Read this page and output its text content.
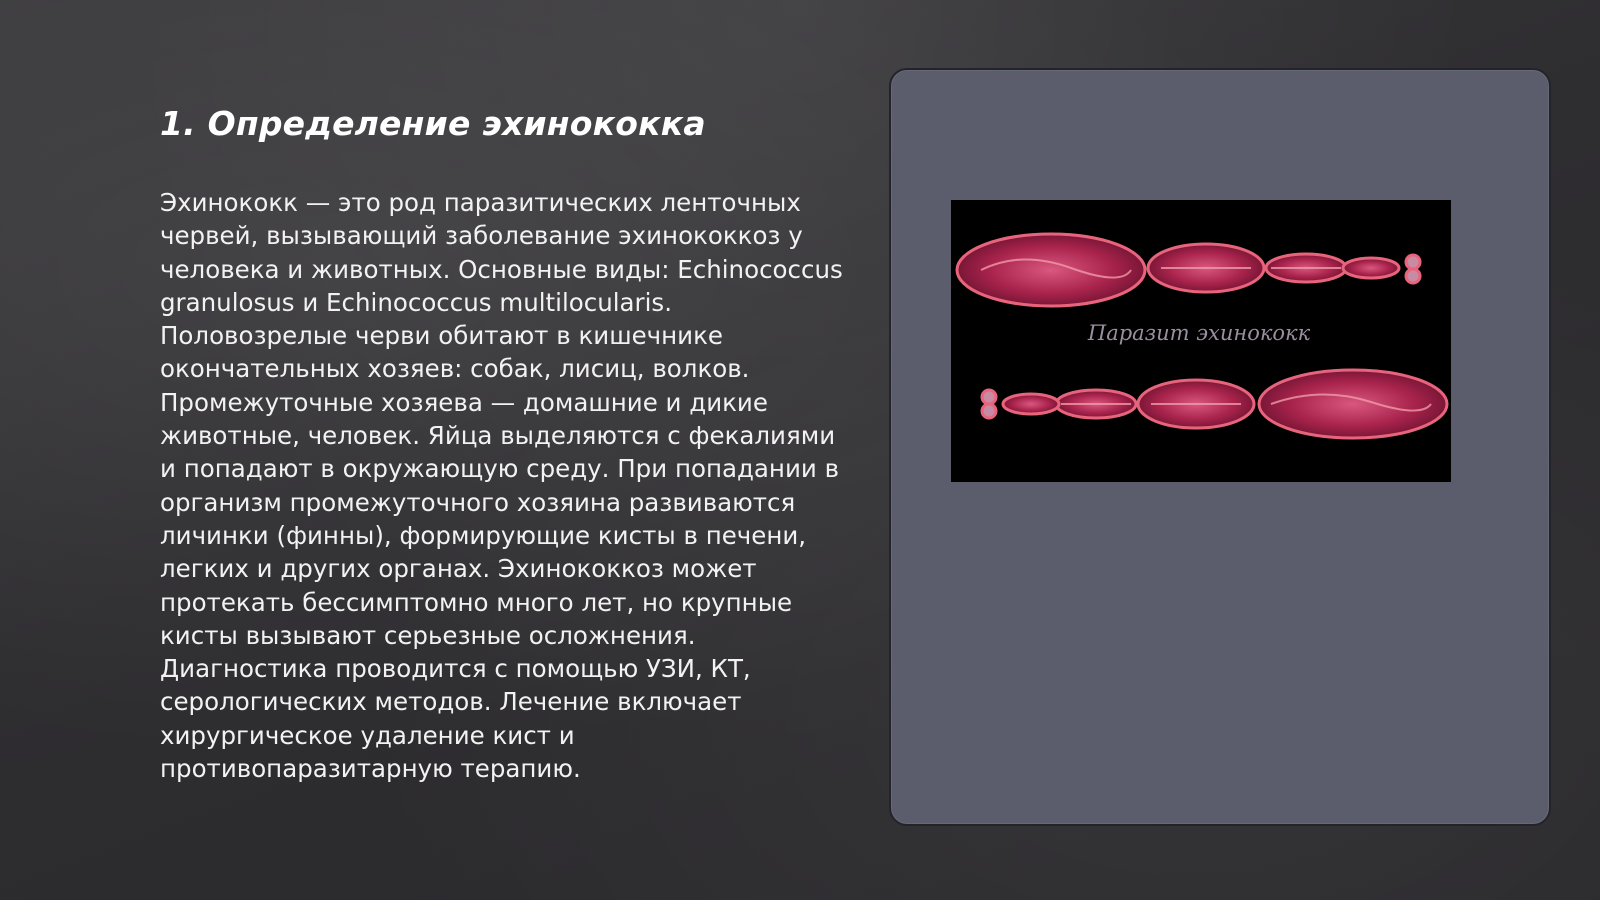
1. Определение эхинококка

Эхинококк — это род паразитических ленточных червей, вызывающий заболевание эхинококкоз у человека и животных. Основные виды: Echinococcus granulosus и Echinococcus multilocularis. Половозрелые черви обитают в кишечнике окончательных хозяев: собак, лисиц, волков. Промежуточные хозяева — домашние и дикие животные, человек. Яйца выделяются с фекалиями и попадают в окружающую среду. При попадании в организм промежуточного хозяина развиваются личинки (финны), формирующие кисты в печени, легких и других органах. Эхинококкоз может протекать бессимптомно много лет, но крупные кисты вызывают серьезные осложнения. Диагностика проводится с помощью УЗИ, КТ, серологических методов. Лечение включает хирургическое удаление кист и противопаразитарную терапию.

Паразит эхинококк
